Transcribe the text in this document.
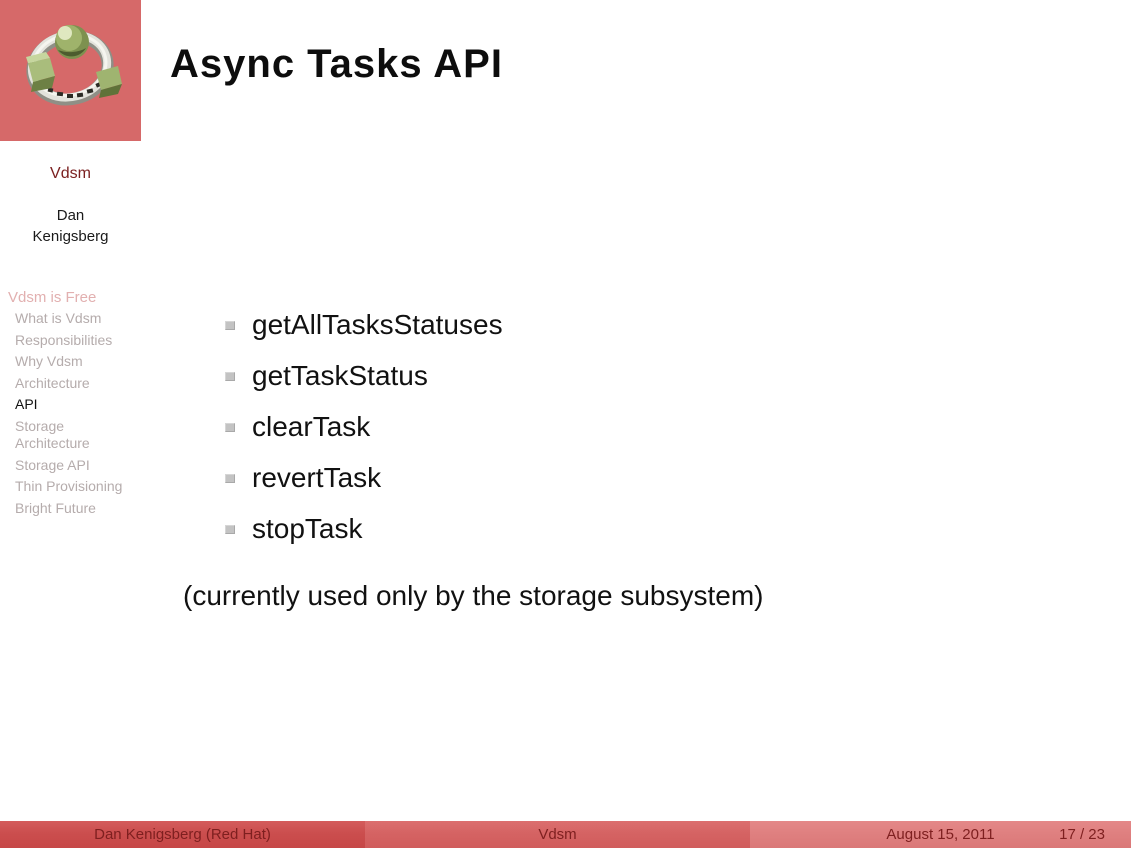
Async Tasks API
Vdsm
Dan Kenigsberg
Vdsm is Free
What is Vdsm
Responsibilities
Why Vdsm
Architecture
API
Storage Architecture
Storage API
Thin Provisioning
Bright Future
getAllTasksStatuses
getTaskStatus
clearTask
revertTask
stopTask
(currently used only by the storage subsystem)
Dan Kenigsberg (Red Hat)	Vdsm	August 15, 2011	17 / 23
